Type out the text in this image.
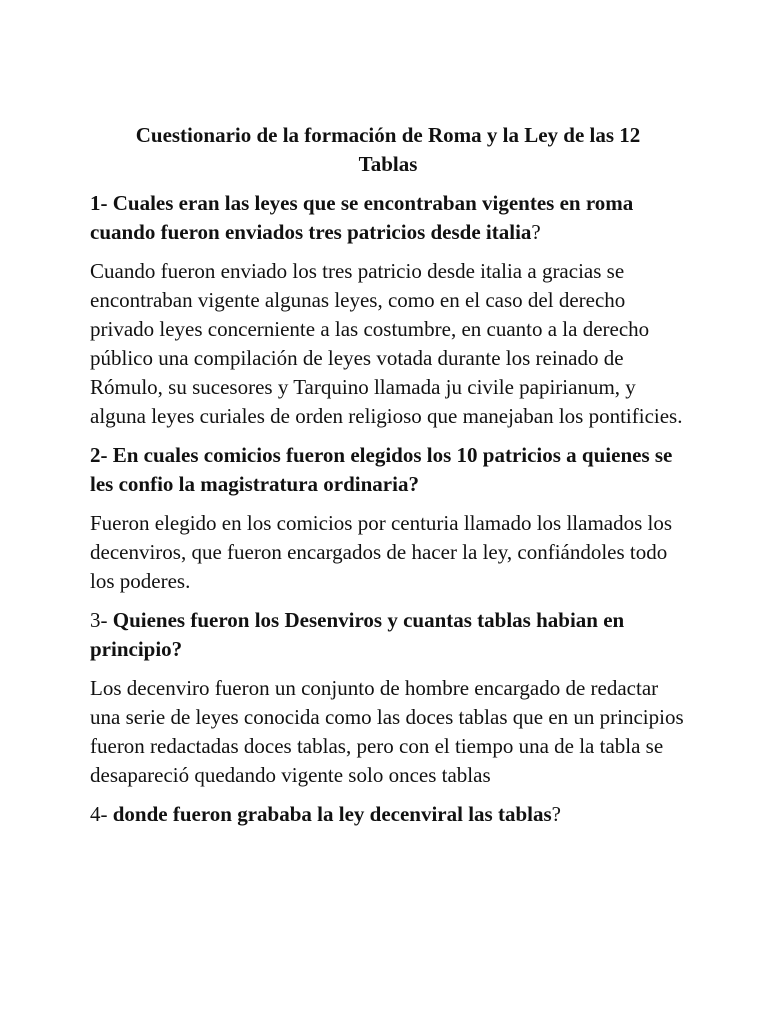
Cuestionario de la formación de Roma y la Ley de las 12 Tablas
1- Cuales eran las leyes que se encontraban vigentes en roma cuando fueron enviados tres patricios desde italia?
Cuando fueron enviado los tres patricio desde italia a gracias se encontraban vigente algunas leyes, como en el caso del derecho privado leyes concerniente a las costumbre, en cuanto a la derecho público una compilación de leyes votada durante los reinado de Rómulo, su sucesores y Tarquino llamada ju civile papirianum, y alguna leyes curiales de orden religioso que manejaban los pontificies.
2- En cuales comicios fueron elegidos los 10 patricios a quienes se les confio la magistratura ordinaria?
Fueron elegido en los comicios por centuria llamado los llamados los decenviros, que fueron encargados de hacer la ley, confiándoles todo los poderes.
3- Quienes fueron los Desenviros y cuantas tablas habian en principio?
Los decenviro fueron un conjunto de hombre encargado de redactar una serie de leyes conocida como las doces tablas que en un principios fueron redactadas doces tablas, pero con el tiempo una de la tabla se desapareció quedando vigente solo onces tablas
4- donde fueron grababa la ley decenviral las tablas?
